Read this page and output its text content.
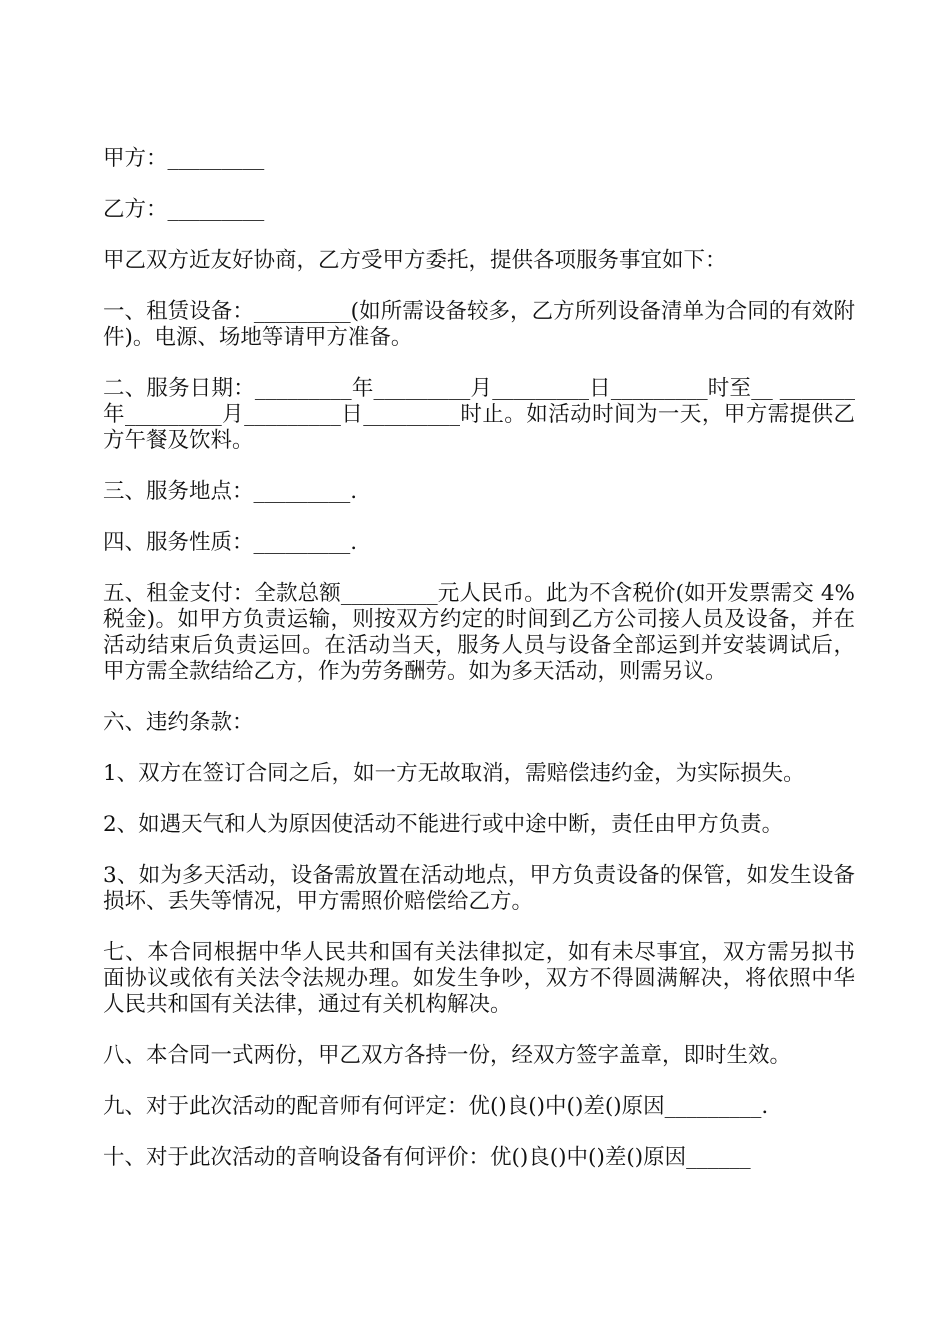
甲方：_________

乙方：_________

甲乙双方近友好协商，乙方受甲方委托，提供各项服务事宜如下：

一、租赁设备：_________(如所需设备较多，乙方所列设备清单为合同的有效附件)。电源、场地等请甲方准备。

二、服务日期：_________年_________月_________日_________时至__ _______年_________月_________日_________时止。如活动时间为一天，甲方需提供乙方午餐及饮料。

三、服务地点：_________.

四、服务性质：_________.

五、租金支付：全款总额_________元人民币。此为不含税价(如开发票需交 4%税金)。如甲方负责运输，则按双方约定的时间到乙方公司接人员及设备，并在活动结束后负责运回。在活动当天，服务人员与设备全部运到并安装调试后，甲方需全款结给乙方，作为劳务酬劳。如为多天活动，则需另议。

六、违约条款：

1、双方在签订合同之后，如一方无故取消，需赔偿违约金，为实际损失。

2、如遇天气和人为原因使活动不能进行或中途中断，责任由甲方负责。

3、如为多天活动，设备需放置在活动地点，甲方负责设备的保管，如发生设备损坏、丢失等情况，甲方需照价赔偿给乙方。

七、本合同根据中华人民共和国有关法律拟定，如有未尽事宜，双方需另拟书面协议或依有关法令法规办理。如发生争吵，双方不得圆满解决，将依照中华人民共和国有关法律，通过有关机构解决。

八、本合同一式两份，甲乙双方各持一份，经双方签字盖章，即时生效。

九、对于此次活动的配音师有何评定：优()良()中()差()原因_________.

十、对于此次活动的音响设备有何评价：优()良()中()差()原因______
